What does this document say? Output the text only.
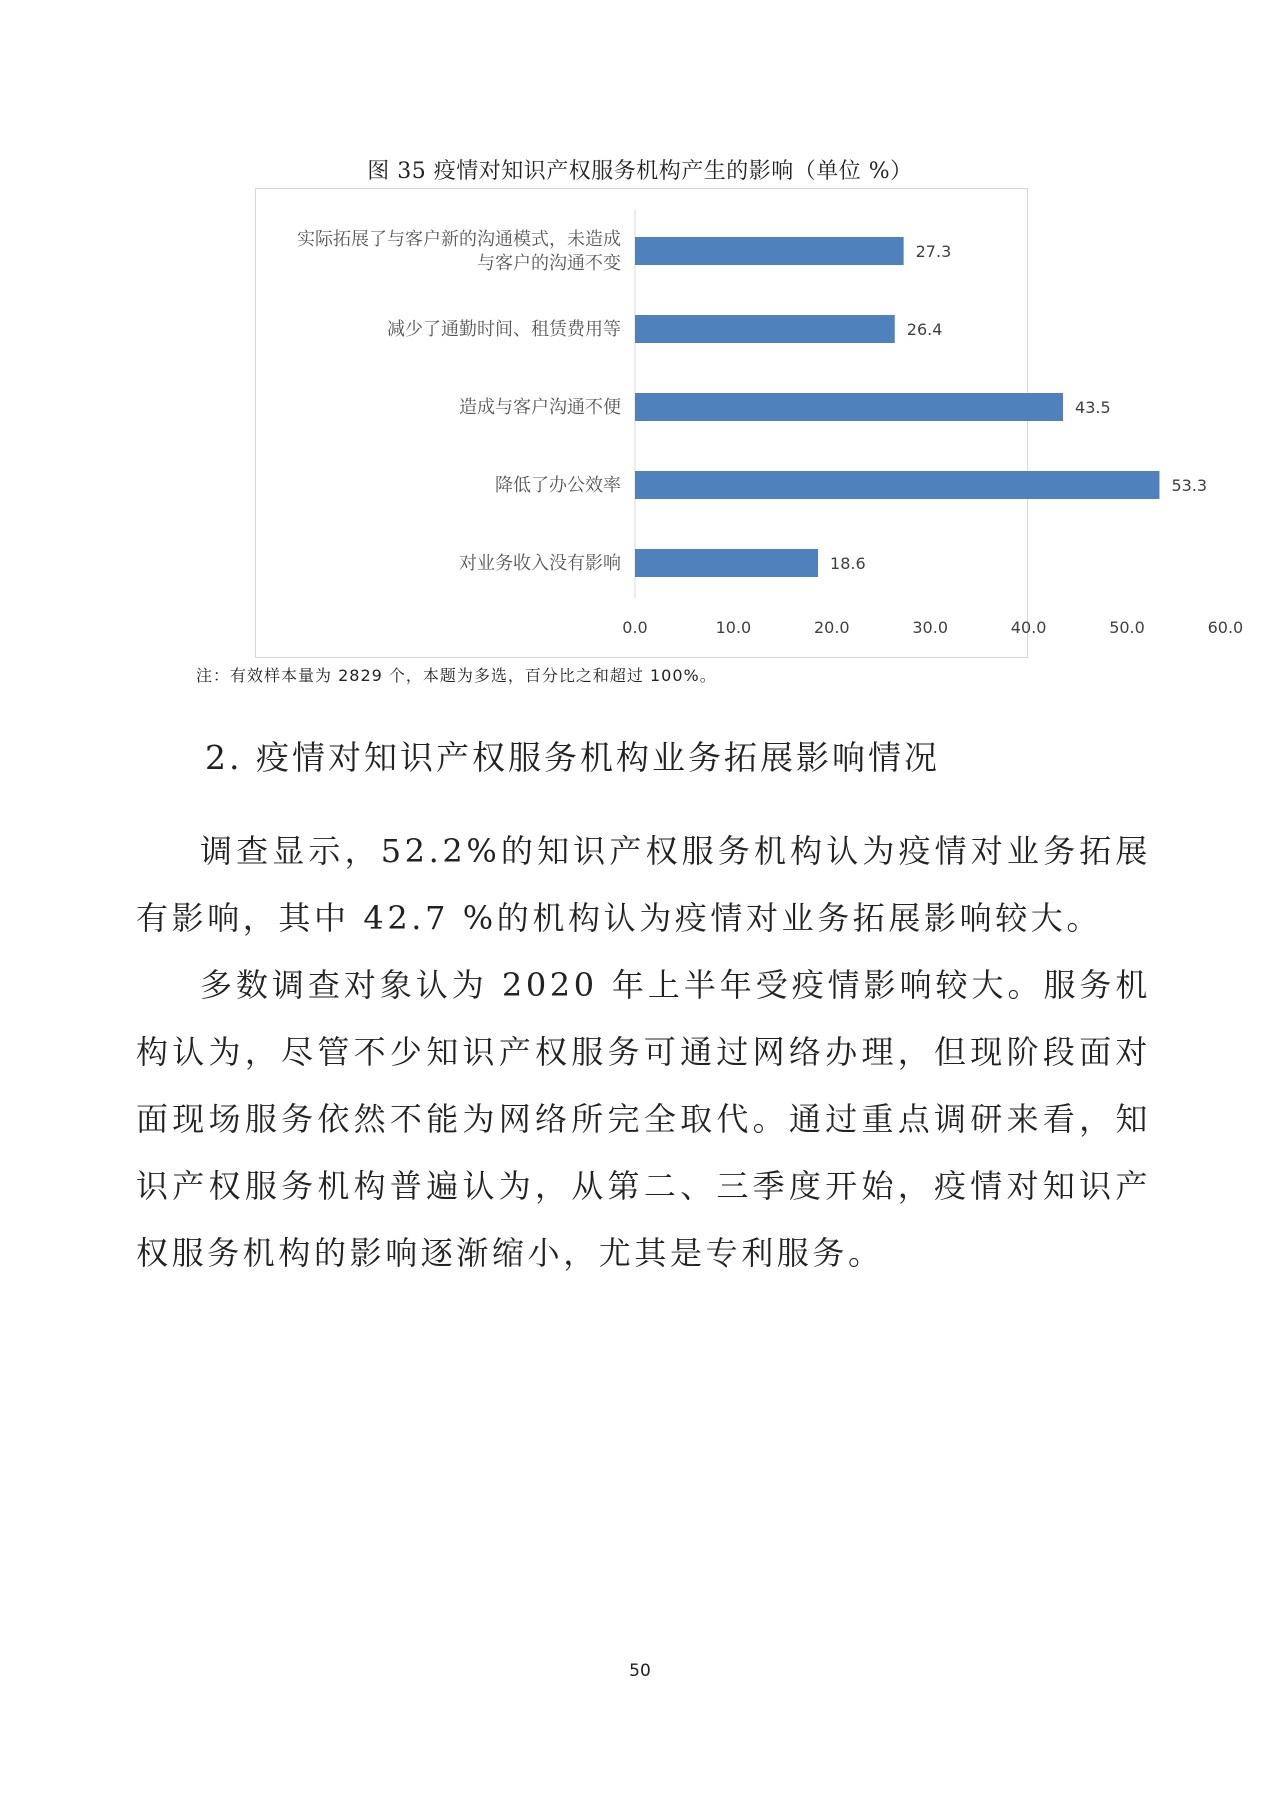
图 35 疫情对知识产权服务机构产生的影响（单位 %）
27.3
实际拓展了与客户新的沟通模式，未造成
与客户的沟通不变
26.4
减少了通勤时间、租赁费用等
43.5
造成与客户沟通不便
53.3
降低了办公效率
18.6
对业务收入没有影响
0.0	10.0	20.0	30.0	40.0	50.0	60.0
注：有效样本量为 2829 个，本题为多选，百分比之和超过 100%。
2. 疫情对知识产权服务机构业务拓展影响情况

调查显示，52.2%的知识产权服务机构认为疫情对业务拓展有影响，其中 42.7 %的机构认为疫情对业务拓展影响较大。

多数调查对象认为 2020 年上半年受疫情影响较大。服务机构认为，尽管不少知识产权服务可通过网络办理，但现阶段面对面现场服务依然不能为网络所完全取代。通过重点调研来看，知识产权服务机构普遍认为，从第二、三季度开始，疫情对知识产权服务机构的影响逐渐缩小，尤其是专利服务。

50
